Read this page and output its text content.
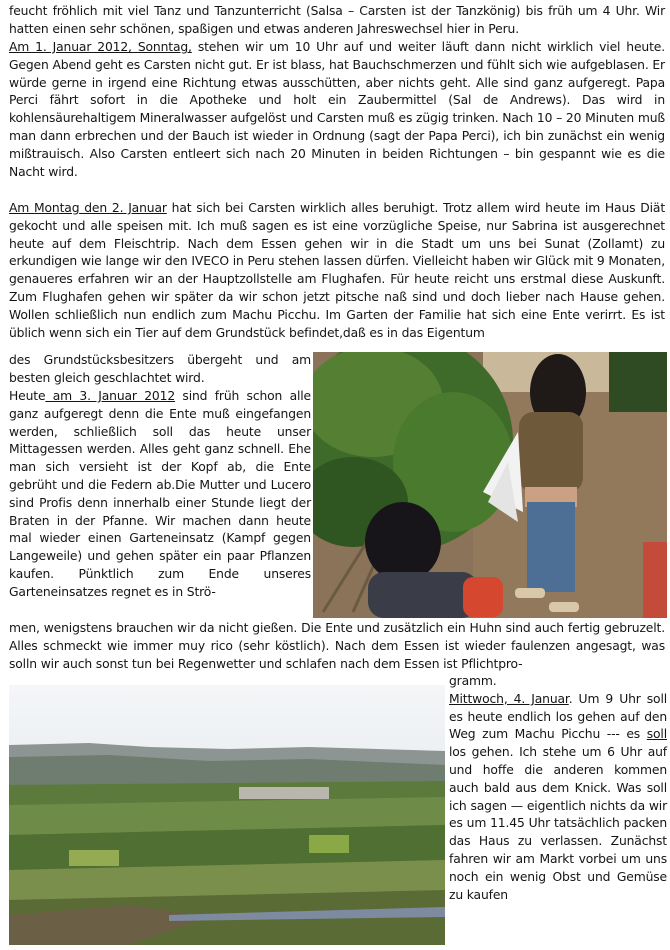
feucht fröhlich mit viel Tanz und Tanzunterricht (Salsa – Carsten ist der Tanzkönig) bis früh um 4 Uhr. Wir hatten einen sehr schönen, spaßigen und etwas anderen Jahreswechsel hier in Peru.

Am 1. Januar 2012, Sonntag, stehen wir um 10 Uhr auf und weiter läuft dann nicht wirklich viel heute. Gegen Abend geht es Carsten nicht gut. Er ist blass, hat Bauchschmerzen und fühlt sich wie aufgeblasen. Er würde gerne in irgend eine Richtung etwas ausschütten, aber nichts geht. Alle sind ganz aufgeregt. Papa Perci fährt sofort in die Apotheke und holt ein Zaubermittel (Sal de Andrews). Das wird in kohlensäurehaltigem Mineralwasser aufgelöst und Carsten muß es zügig trinken. Nach 10 – 20 Minuten muß man dann erbrechen und der Bauch ist wieder in Ordnung (sagt der Papa Perci), ich bin zunächst ein wenig mißtrauisch. Also Carsten entleert sich nach 20 Minuten in beiden Richtungen – bin gespannt wie es die Nacht wird.

Am Montag den 2. Januar hat sich bei Carsten wirklich alles beruhigt. Trotz allem wird heute im Haus Diät gekocht und alle speisen mit. Ich muß sagen es ist eine vorzügliche Speise, nur Sabrina ist ausgerechnet heute auf dem Fleischtrip. Nach dem Essen gehen wir in die Stadt um uns bei Sunat (Zollamt) zu erkundigen wie lange wir den IVECO in Peru stehen lassen dürfen. Vielleicht haben wir Glück mit 9 Monaten, genaueres erfahren wir an der Hauptzollstelle am Flughafen. Für heute reicht uns erstmal diese Auskunft. Zum Flughafen gehen wir später da wir schon jetzt pitsche naß sind und doch lieber nach Hause gehen. Wollen schließlich nun endlich zum Machu Picchu. Im Garten der Familie hat sich eine Ente verirrt. Es ist üblich wenn sich ein Tier auf dem Grundstück befindet,daß es in das Eigentum

des Grundstücksbesitzers übergeht und am besten gleich geschlachtet wird.

Heute am 3. Januar 2012 sind früh schon alle ganz aufgeregt denn die Ente muß eingefangen werden, schließlich soll das heute unser Mittagessen werden. Alles geht ganz schnell. Ehe man sich versieht ist der Kopf ab, die Ente gebrüht und die Federn ab.Die Mutter und Lucero sind Profis denn innerhalb einer Stunde liegt der Braten in der Pfanne. Wir machen dann heute mal wieder einen Garteneinsatz (Kampf gegen Langeweile) und gehen später ein paar Pflanzen kaufen. Pünktlich zum Ende unseres Garteneinsatzes regnet es in Strö-

men, wenigstens brauchen wir da nicht gießen. Die Ente und zusätzlich ein Huhn sind auch fertig gebruzelt. Alles schmeckt wie immer muy rico (sehr köstlich). Nach dem Essen ist wieder faulenzen angesagt, was solln wir auch sonst tun bei Regenwetter und schlafen nach dem Essen ist Pflichtpro-

gramm.
Mittwoch, 4. Januar. Um 9 Uhr soll es heute endlich los gehen auf den Weg zum Machu Picchu --- es soll los gehen. Ich stehe um 6 Uhr auf und hoffe die anderen kommen auch bald aus dem Knick. Was soll ich sagen — eigentlich nichts da wir es um 11.45 Uhr tatsächlich packen das Haus zu verlassen. Zunächst fahren wir am Markt vorbei um uns noch ein wenig Obst und Gemüse zu kaufen
